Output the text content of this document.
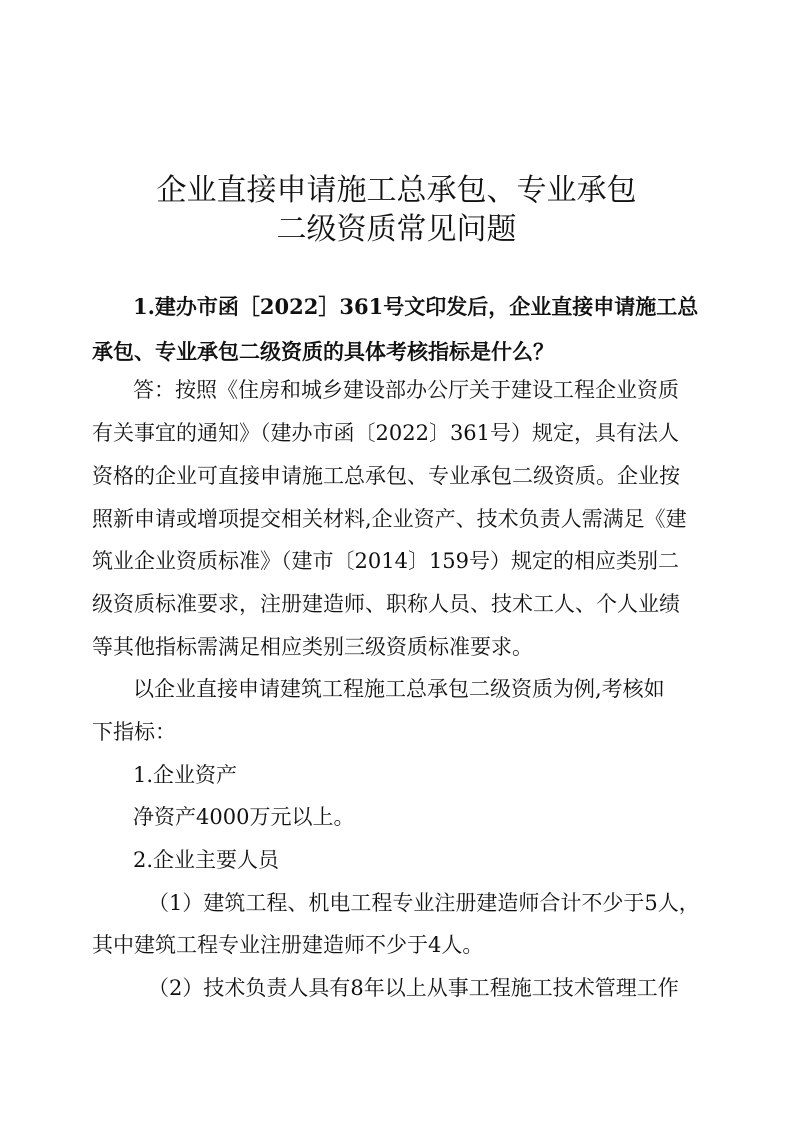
企业直接申请施工总承包、专业承包
二级资质常见问题
1.建办市函［2022］361号文印发后，企业直接申请施工总
承包、专业承包二级资质的具体考核指标是什么？
答：按照《住房和城乡建设部办公厅关于建设工程企业资质
有关事宜的通知》（建办市函〔2022〕361号）规定，具有法人
资格的企业可直接申请施工总承包、专业承包二级资质。企业按
照新申请或增项提交相关材料,企业资产、技术负责人需满足《建
筑业企业资质标准》（建市〔2014〕159号）规定的相应类别二
级资质标准要求，注册建造师、职称人员、技术工人、个人业绩
等其他指标需满足相应类别三级资质标准要求。
以企业直接申请建筑工程施工总承包二级资质为例,考核如
下指标：
1.企业资产
净资产4000万元以上。
2.企业主要人员
（1）建筑工程、机电工程专业注册建造师合计不少于5人，
其中建筑工程专业注册建造师不少于4人。
（2）技术负责人具有8年以上从事工程施工技术管理工作
